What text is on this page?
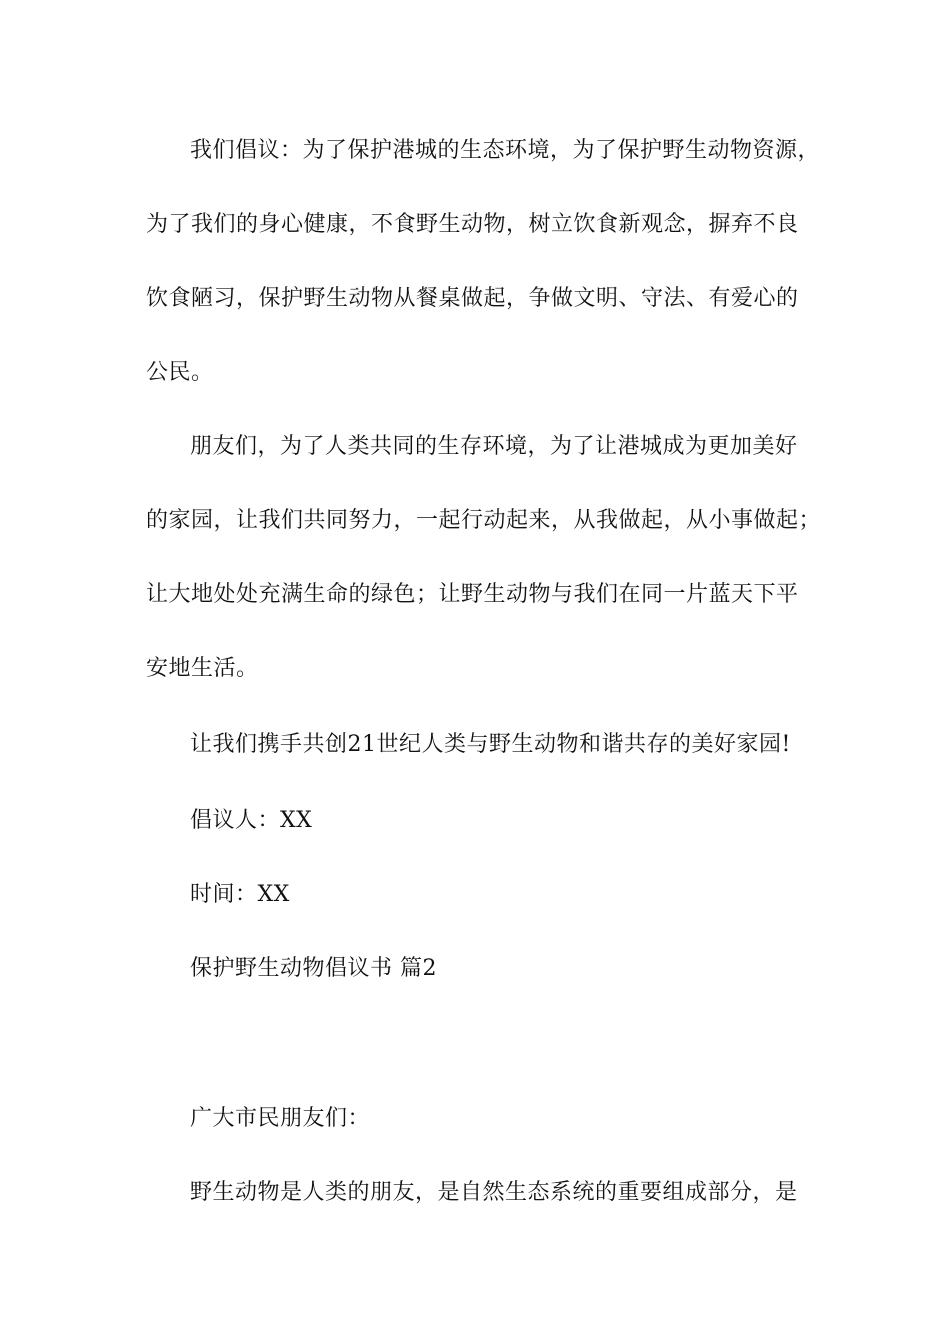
我们倡议：为了保护港城的生态环境，为了保护野生动物资源，

为了我们的身心健康，不食野生动物，树立饮食新观念，摒弃不良

饮食陋习，保护野生动物从餐桌做起，争做文明、守法、有爱心的

公民。

朋友们，为了人类共同的生存环境，为了让港城成为更加美好

的家园，让我们共同努力，一起行动起来，从我做起，从小事做起；

让大地处处充满生命的绿色；让野生动物与我们在同一片蓝天下平

安地生活。

让我们携手共创21世纪人类与野生动物和谐共存的美好家园!

倡议人：XX

时间：XX

保护野生动物倡议书 篇2

广大市民朋友们：

野生动物是人类的朋友，是自然生态系统的重要组成部分，是
